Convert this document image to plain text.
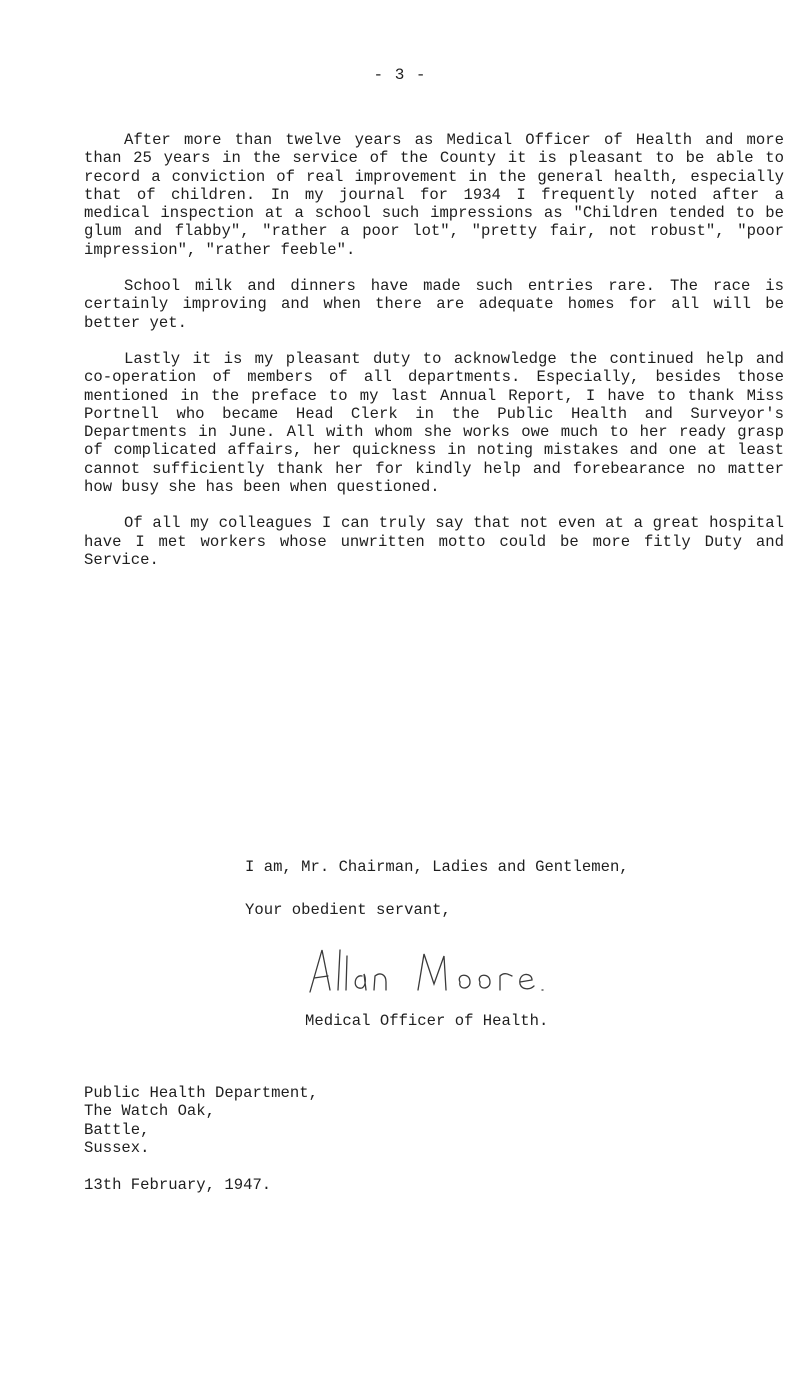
- 3 -

After more than twelve years as Medical Officer of Health and more than 25 years in the service of the County it is pleasant to be able to record a conviction of real improvement in the general health, especially that of children. In my journal for 1934 I frequently noted after a medical inspection at a school such impressions as "Children tended to be glum and flabby", "rather a poor lot", "pretty fair, not robust", "poor impression", "rather feeble".

School milk and dinners have made such entries rare. The race is certainly improving and when there are adequate homes for all will be better yet.

Lastly it is my pleasant duty to acknowledge the continued help and co-operation of members of all departments. Especially, besides those mentioned in the preface to my last Annual Report, I have to thank Miss Portnell who became Head Clerk in the Public Health and Surveyor's Departments in June. All with whom she works owe much to her ready grasp of complicated affairs, her quickness in noting mistakes and one at least cannot sufficiently thank her for kindly help and forebearance no matter how busy she has been when questioned.

Of all my colleagues I can truly say that not even at a great hospital have I met workers whose unwritten motto could be more fitly Duty and Service.

I am, Mr. Chairman, Ladies and Gentlemen,
Your obedient servant,
Medical Officer of Health.
Public Health Department,
The Watch Oak,
Battle,
Sussex.
13th February, 1947.
